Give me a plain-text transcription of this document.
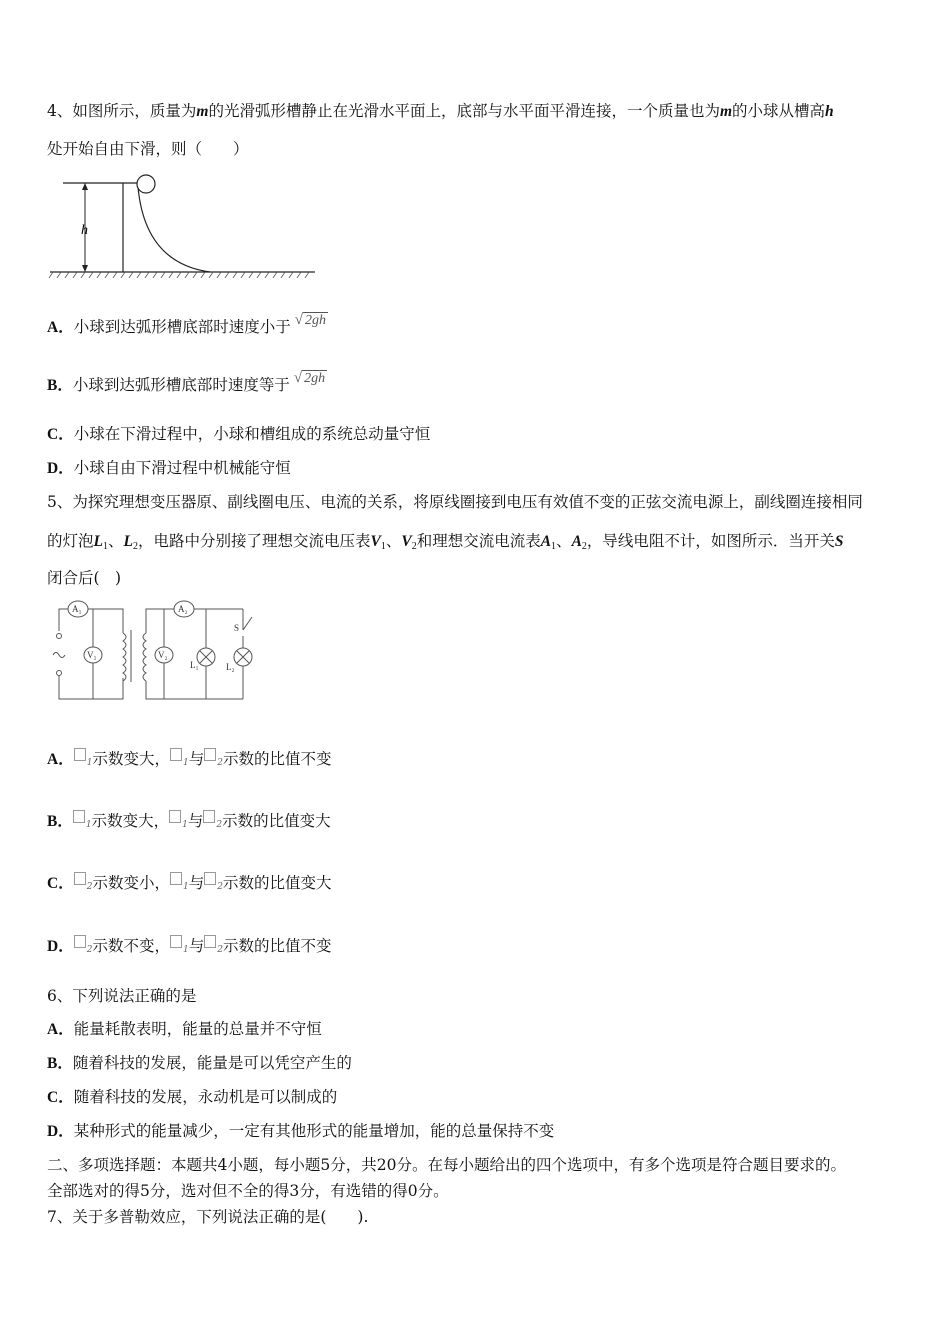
4、如图所示，质量为m的光滑弧形槽静止在光滑水平面上，底部与水平面平滑连接，一个质量也为m的小球从槽高h
处开始自由下滑，则（　　）
h
A．小球到达弧形槽底部时速度小于 √ 2gh
B．小球到达弧形槽底部时速度等于 √ 2gh
C．小球在下滑过程中，小球和槽组成的系统总动量守恒
D．小球自由下滑过程中机械能守恒
5、为探究理想变压器原、副线圈电压、电流的关系，将原线圈接到电压有效值不变的正弦交流电源上，副线圈连接相同
的灯泡$L_1$、$L_2$，电路中分别接了理想交流电压表$V_1$、$V_2$和理想交流电流表$A_1$、$A_2$，导线电阻不计，如图所示．当开关S
闭合后(　)
A₁
V₁
A₂
V₂
L₁	L₂
S
A． 1示数变大， 1与 2示数的比值不变
B． 1示数变大， 1与 2示数的比值变大
C． 2示数变小， 1与 2示数的比值变大
D． 2示数不变， 1与 2示数的比值不变
6、下列说法正确的是
A．能量耗散表明，能量的总量并不守恒
B．随着科技的发展，能量是可以凭空产生的
C．随着科技的发展，永动机是可以制成的
D．某种形式的能量减少，一定有其他形式的能量增加，能的总量保持不变
二、多项选择题：本题共4小题，每小题5分，共20分。在每小题给出的四个选项中，有多个选项是符合题目要求的。
全部选对的得5分，选对但不全的得3分，有选错的得0分。
7、关于多普勒效应，下列说法正确的是(　　).
